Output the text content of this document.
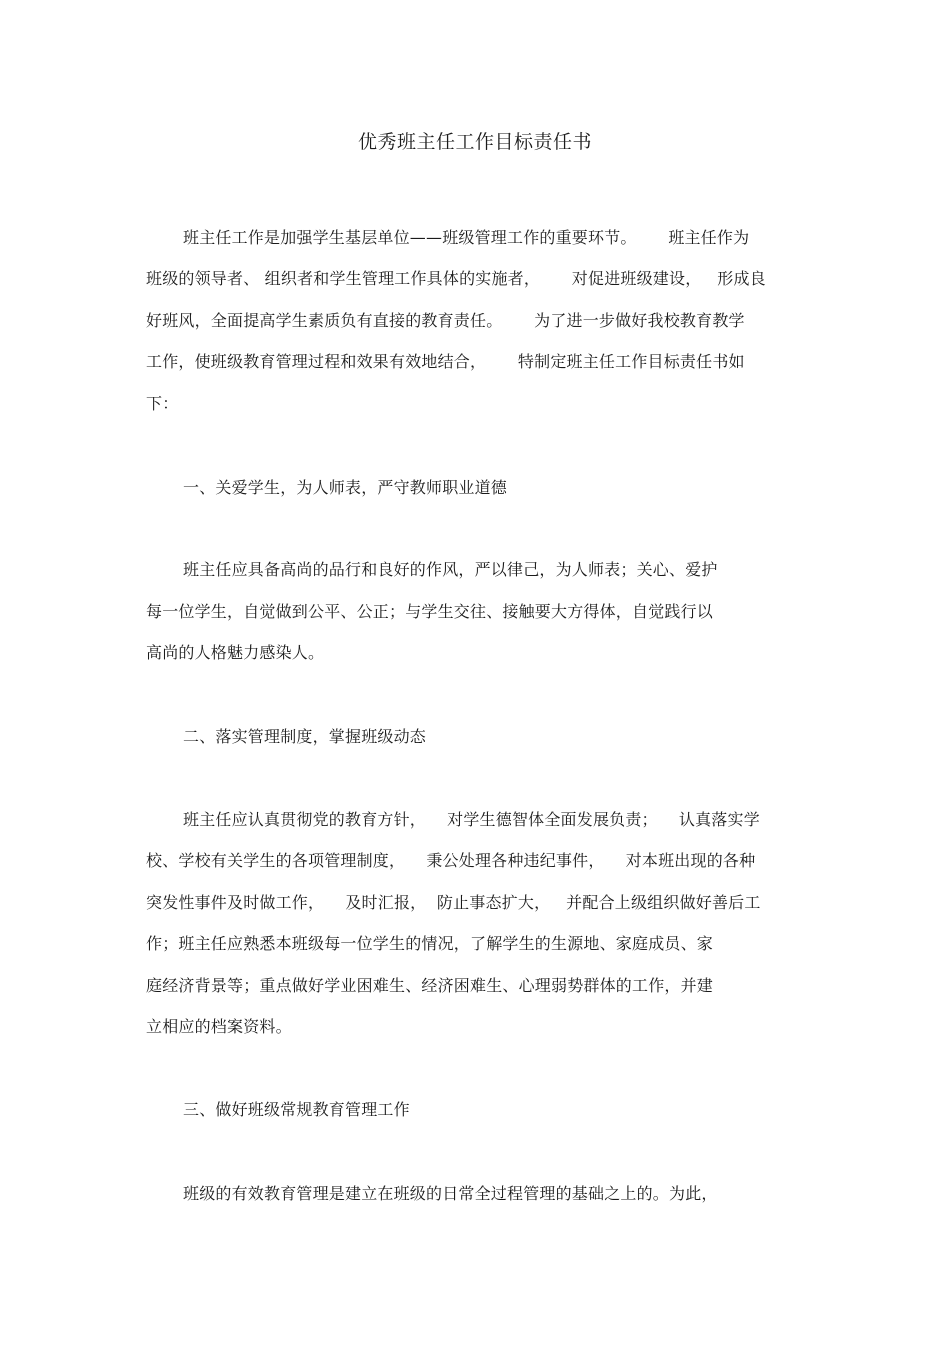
优秀班主任工作目标责任书
班主任工作是加强学生基层单位——班级管理工作的重要环节。      班主任作为
班级的领导者、 组织者和学生管理工作具体的实施者，      对促进班级建设，   形成良
好班风，全面提高学生素质负有直接的教育责任。      为了进一步做好我校教育教学
工作，使班级教育管理过程和效果有效地结合，      特制定班主任工作目标责任书如
下：
一、关爱学生，为人师表，严守教师职业道德
班主任应具备高尚的品行和良好的作风，严以律己，为人师表；关心、爱护
每一位学生，自觉做到公平、公正；与学生交往、接触要大方得体，自觉践行以
高尚的人格魅力感染人。
二、落实管理制度，掌握班级动态
班主任应认真贯彻党的教育方针，    对学生德智体全面发展负责；    认真落实学
校、学校有关学生的各项管理制度，    秉公处理各种违纪事件，    对本班出现的各种
突发性事件及时做工作，    及时汇报，  防止事态扩大，   并配合上级组织做好善后工
作；班主任应熟悉本班级每一位学生的情况，了解学生的生源地、家庭成员、家
庭经济背景等；重点做好学业困难生、经济困难生、心理弱势群体的工作，并建
立相应的档案资料。
三、做好班级常规教育管理工作
班级的有效教育管理是建立在班级的日常全过程管理的基础之上的。为此，
